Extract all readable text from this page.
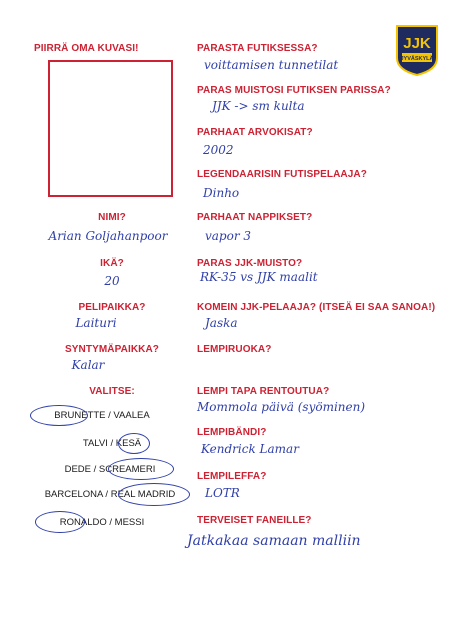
JJK
JYVÄSKYLÄ
PIIRRÄ OMA KUVASI!
NIMI?
Arian Goljahanpoor
IKÄ?
20
PELIPAIKKA?
Laituri
SYNTYMÄPAIKKA?
Kalar
VALITSE:
BRUNETTE / VAALEA
TALVI / KESÄ
DEDE / SCREAMERI
BARCELONA / REAL MADRID
RONALDO / MESSI
PARASTA FUTIKSESSA?
voittamisen tunnetilat
PARAS MUISTOSI FUTIKSEN PARISSA?
JJK -> sm kulta
PARHAAT ARVOKISAT?
2002
LEGENDAARISIN FUTISPELAAJA?
Dinho
PARHAAT NAPPIKSET?
vapor 3
PARAS JJK-MUISTO?
RK-35 vs JJK maalit
KOMEIN JJK-PELAAJA? (ITSEÄ EI SAA SANOA!)
Jaska
LEMPIRUOKA?
LEMPI TAPA RENTOUTUA?
Mommola päivä (syöminen)
LEMPIBÄNDI?
Kendrick Lamar
LEMPILEFFA?
LOTR
TERVEISET FANEILLE?
Jatkakaa samaan malliin
